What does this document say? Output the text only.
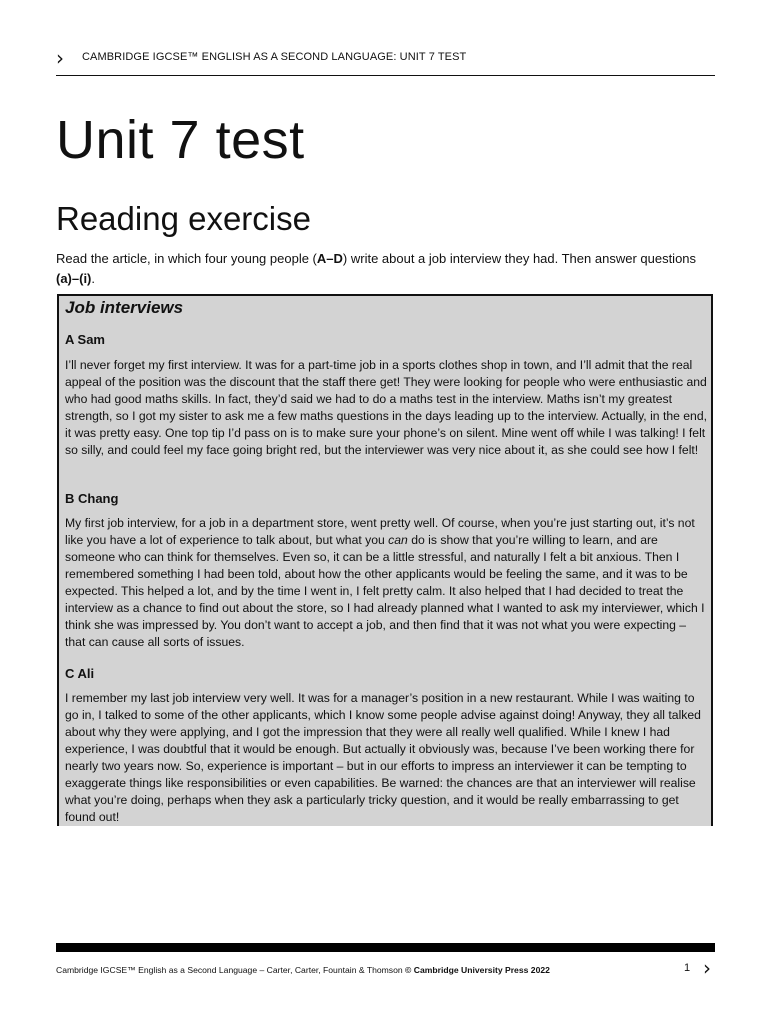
› CAMBRIDGE IGCSE™ ENGLISH AS A SECOND LANGUAGE: UNIT 7 TEST
Unit 7 test
Reading exercise

Read the article, in which four young people (A–D) write about a job interview they had. Then answer questions (a)–(i).

Job interviews
A Sam
I’ll never forget my first interview. It was for a part-time job in a sports clothes shop in town, and I’ll admit that the real appeal of the position was the discount that the staff there get! They were looking for people who were enthusiastic and who had good maths skills. In fact, they’d said we had to do a maths test in the interview. Maths isn’t my greatest strength, so I got my sister to ask me a few maths questions in the days leading up to the interview. Actually, in the end, it was pretty easy. One top tip I’d pass on is to make sure your phone’s on silent. Mine went off while I was talking! I felt so silly, and could feel my face going bright red, but the interviewer was very nice about it, as she could see how I felt!
B Chang
My first job interview, for a job in a department store, went pretty well. Of course, when you’re just starting out, it’s not like you have a lot of experience to talk about, but what you can do is show that you’re willing to learn, and are someone who can think for themselves. Even so, it can be a little stressful, and naturally I felt a bit anxious. Then I remembered something I had been told, about how the other applicants would be feeling the same, and it was to be expected. This helped a lot, and by the time I went in, I felt pretty calm. It also helped that I had decided to treat the interview as a chance to find out about the store, so I had already planned what I wanted to ask my interviewer, which I think she was impressed by. You don’t want to accept a job, and then find that it was not what you were expecting – that can cause all sorts of issues.
C Ali
I remember my last job interview very well. It was for a manager’s position in a new restaurant. While I was waiting to go in, I talked to some of the other applicants, which I know some people advise against doing! Anyway, they all talked about why they were applying, and I got the impression that they were all really well qualified. While I knew I had experience, I was doubtful that it would be enough. But actually it obviously was, because I’ve been working there for nearly two years now. So, experience is important – but in our efforts to impress an interviewer it can be tempting to exaggerate things like responsibilities or even capabilities. Be warned: the chances are that an interviewer will realise what you’re doing, perhaps when they ask a particularly tricky question, and it would be really embarrassing to get found out!
Cambridge IGCSE™ English as a Second Language – Carter, Carter, Fountain & Thomson © Cambridge University Press 2022	1 ›
